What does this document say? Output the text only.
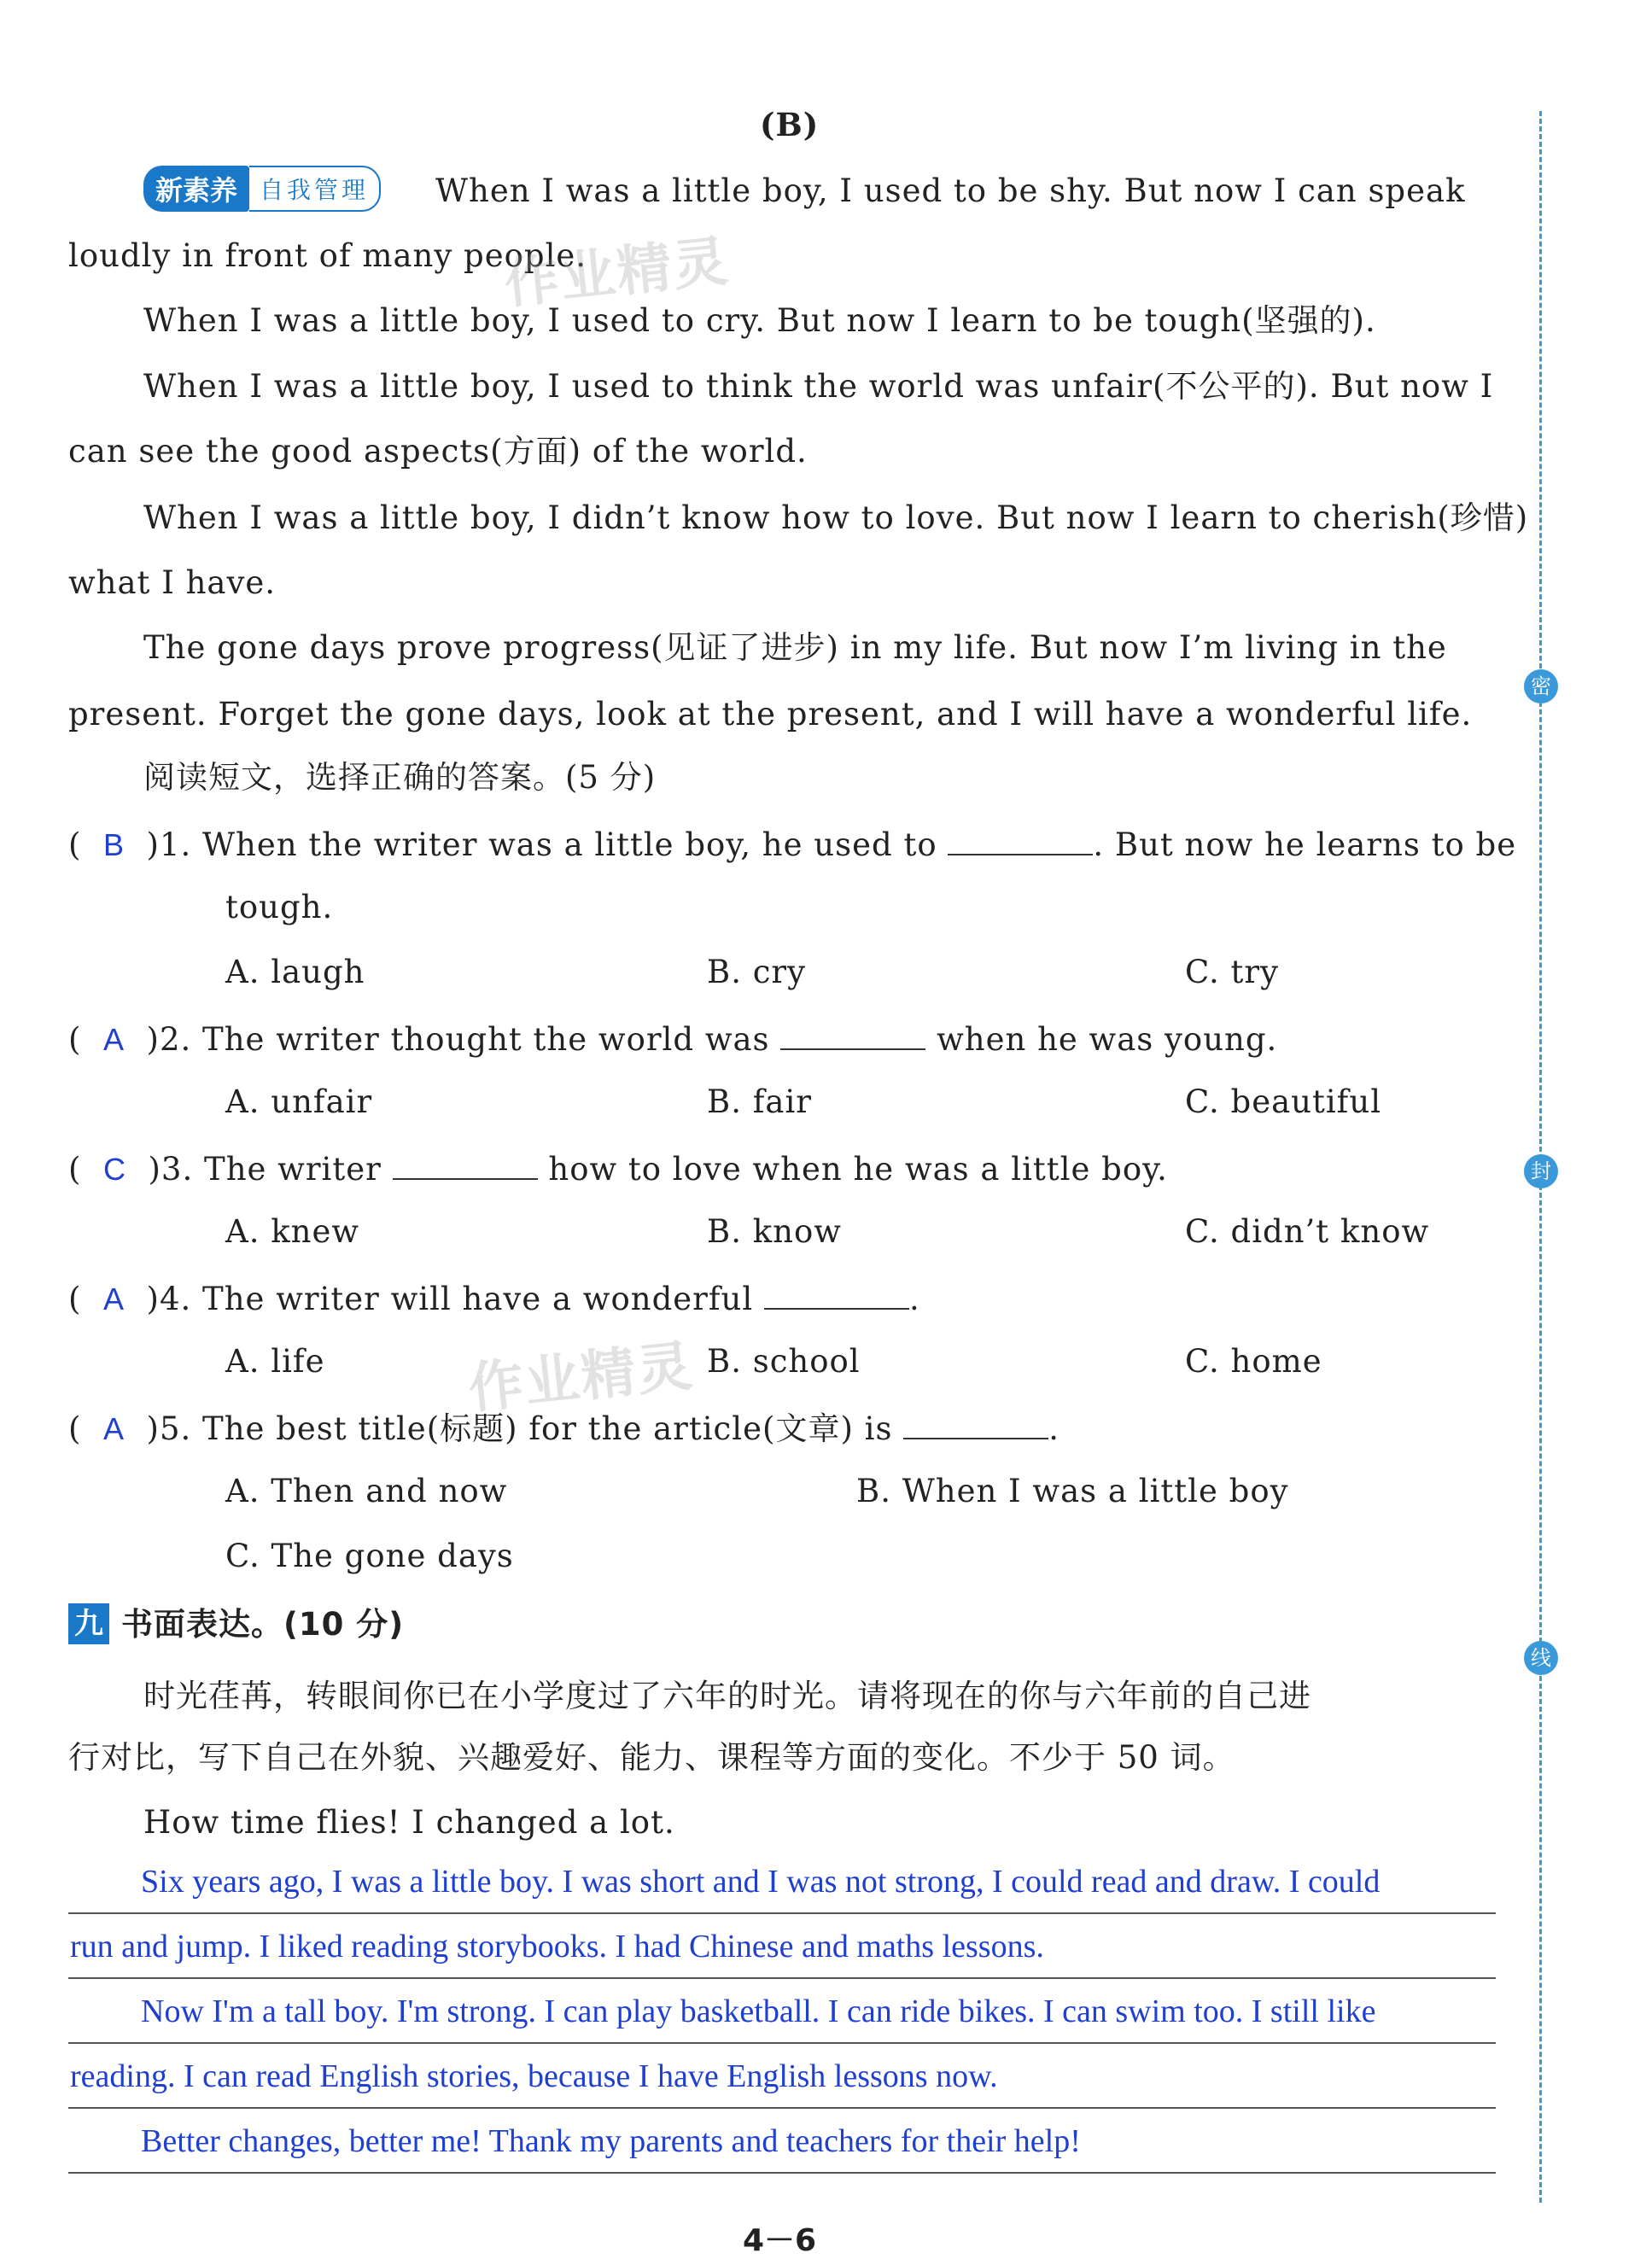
密
封
线
(B)
新素养 自我管理	When I was a little boy, I used to be shy. But now I can speak
loudly in front of many people.
When I was a little boy, I used to cry. But now I learn to be tough(坚强的).
When I was a little boy, I used to think the world was unfair(不公平的). But now I
can see the good aspects(方面) of the world.
When I was a little boy, I didn’t know how to love. But now I learn to cherish(珍惜)
what I have.
The gone days prove progress(见证了进步) in my life. But now I’m living in the
present. Forget the gone days, look at the present, and I will have a wonderful life.
阅读短文，选择正确的答案。(5 分)
(  B )1. When the writer was a little boy, he used to	. But now he learns to be
tough.
A. laugh	B. cry	C. try
(  A )2. The writer thought the world was	when he was young.
A. unfair	B. fair	C. beautiful
(  C )3. The writer	how to love when he was a little boy.
A. knew	B. know	C. didn’t know
(  A )4. The writer will have a wonderful	.
A. life	B. school	C. home
(  A )5. The best title(标题) for the article(文章) is	.
A. Then and now	B. When I was a little boy
C. The gone days
作业精灵
作业精灵
九 书面表达。(10 分)
时光荏苒，转眼间你已在小学度过了六年的时光。请将现在的你与六年前的自己进
行对比，写下自己在外貌、兴趣爱好、能力、课程等方面的变化。不少于 50 词。
How time flies! I changed a lot.
Six years ago, I was a little boy. I was short and I was not strong, I could read and draw. I could
run and jump. I liked reading storybooks. I had Chinese and maths lessons.
Now I'm a tall boy. I'm strong. I can play basketball. I can ride bikes. I can swim too. I still like
reading. I can read English stories, because I have English lessons now.
Better changes, better me! Thank my parents and teachers for their help!
4－6
